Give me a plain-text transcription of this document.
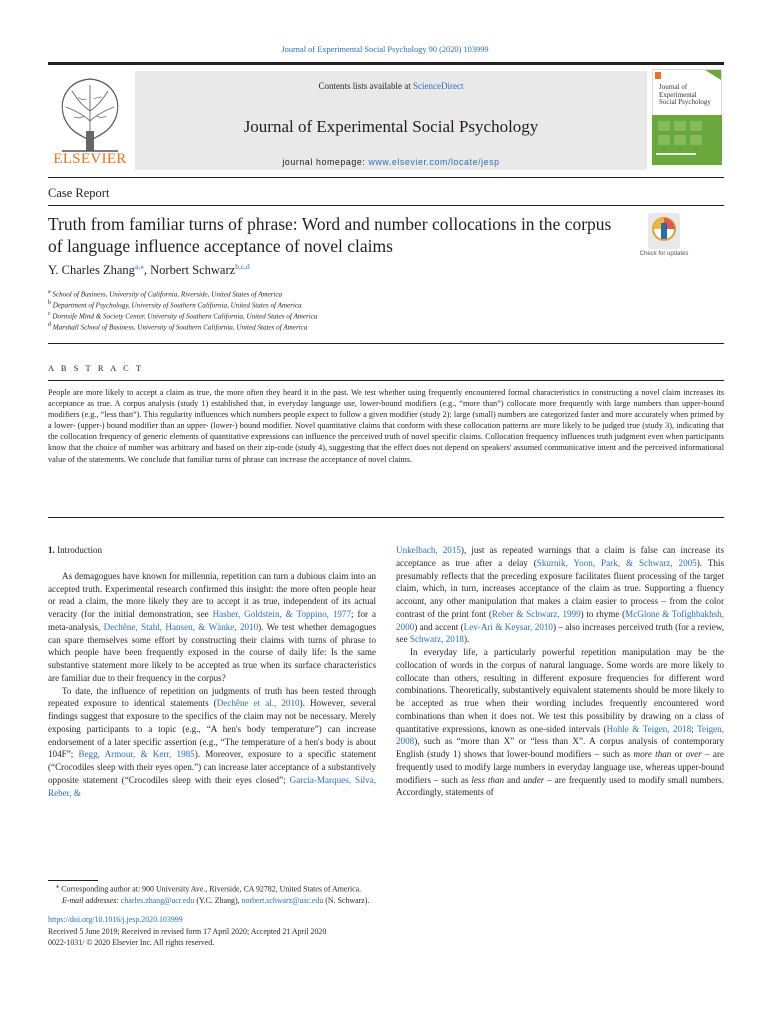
Journal of Experimental Social Psychology 90 (2020) 103999
ELSEVIER
Contents lists available at ScienceDirect
Journal of Experimental Social Psychology
journal homepage: www.elsevier.com/locate/jesp
Journal of
Experimental
Social Psychology
Case Report
Truth from familiar turns of phrase: Word and number collocations in the corpus of language influence acceptance of novel claims	Check for updates
Y. Charles Zhang$^{a,⁎}$, Norbert Schwarz$^{b,c,d}$
$^a$ School of Business, University of California, Riverside, United States of America
$^b$ Department of Psychology, University of Southern California, United States of America
$^c$ Dornsife Mind & Society Center, University of Southern California, United States of America
$^d$ Marshall School of Business, University of Southern California, United States of America
A B S T R A C T
People are more likely to accept a claim as true, the more often they heard it in the past. We test whether using frequently encountered formal characteristics in constructing a novel claim increases its acceptance as true. A corpus analysis (study 1) established that, in everyday language use, lower-bound modifiers (e.g., “more than”) collocate more frequently with large numbers than upper-bound modifiers (e.g., “less than”). This regularity influences which numbers people expect to follow a given modifier (study 2): large (small) numbers are categorized faster and more accurately when primed by a lower- (upper-) bound modifier than an upper- (lower-) bound modifier. Novel quantitative claims that conform with these collocation patterns are more likely to be judged true (study 3), indicating that the collocation frequency of generic elements of quantitative expressions can influence the perceived truth of novel specific claims. Collocation frequency influences truth judgment even when participants know that the choice of number was arbitrary and based on their zip-code (study 4), suggesting that the effect does not depend on speakers' assumed communicative intent and the perceived informational value of the statements. We conclude that familiar turns of phrase can increase the acceptance of novel claims.

1. Introduction

As demagogues have known for millennia, repetition can turn a dubious claim into an accepted truth. Experimental research confirmed this insight: the more often people hear or read a claim, the more likely they are to accept it as true, independent of its actual veracity (for the initial demonstration, see Hasher, Goldstein, & Toppino, 1977; for a meta-analysis, Dechêne, Stahl, Hansen, & Wänke, 2010). We test whether demagogues can spare themselves some effort by constructing their claims with turns of phrase to which people have been frequently exposed in the course of daily life: Is the same substantive statement more likely to be accepted as true when its surface characteristics are familiar due to their frequency in the corpus?

To date, the influence of repetition on judgments of truth has been tested through repeated exposure to identical statements (Dechêne et al., 2010). However, several findings suggest that exposure to the specifics of the claim may not be necessary. Merely exposing participants to a topic (e.g., “A hen's body temperature”) can increase endorsement of a later specific assertion (e.g., “The temperature of a hen's body is about 104F”; Begg, Armour, & Kerr, 1985). Moreover, exposure to a specific statement (“Crocodiles sleep with their eyes open.”) can increase later acceptance of a substantively opposite statement (“Crocodiles sleep with their eyes closed”; Garcia-Marques, Silva, Reber, &

Unkelbach, 2015), just as repeated warnings that a claim is false can increase its acceptance as true after a delay (Skurnik, Yoon, Park, & Schwarz, 2005). This presumably reflects that the preceding exposure facilitates fluent processing of the target claim, which, in turn, increases acceptance of the claim as true. Supporting a fluency account, any other manipulation that makes a claim easier to process – from the color contrast of the print font (Reber & Schwarz, 1999) to rhyme (McGlone & Tofighbakhsh, 2000) and accent (Lev-Ari & Keysar, 2010) – also increases perceived truth (for a review, see Schwarz, 2018).

In everyday life, a particularly powerful repetition manipulation may be the collocation of words in the corpus of natural language. Some words are more likely to collocate than others, resulting in different exposure frequencies for different word combinations. Theoretically, substantively equivalent statements should be more likely to be accepted as true when their wording includes frequently encountered word combinations than when it does not. We test this possibility by drawing on a class of quantitative expressions, known as one-sided intervals (Hohle & Teigen, 2018; Teigen, 2008), such as “more than X” or “less than X”. A corpus analysis of contemporary English (study 1) shows that lower-bound modifiers – such as more than or over – are frequently used to modify large numbers in everyday language use, whereas upper-bound modifiers – such as less than and under – are frequently used to modify small numbers. Accordingly, statements of

⁎ Corresponding author at: 900 University Ave., Riverside, CA 92782, United States of America.
E-mail addresses: charles.zhang@ucr.edu (Y.C. Zhang), norbert.schwarz@usc.edu (N. Schwarz).
https://doi.org/10.1016/j.jesp.2020.103999
Received 5 June 2019; Received in revised form 17 April 2020; Accepted 21 April 2020
0022-1031/ © 2020 Elsevier Inc. All rights reserved.
